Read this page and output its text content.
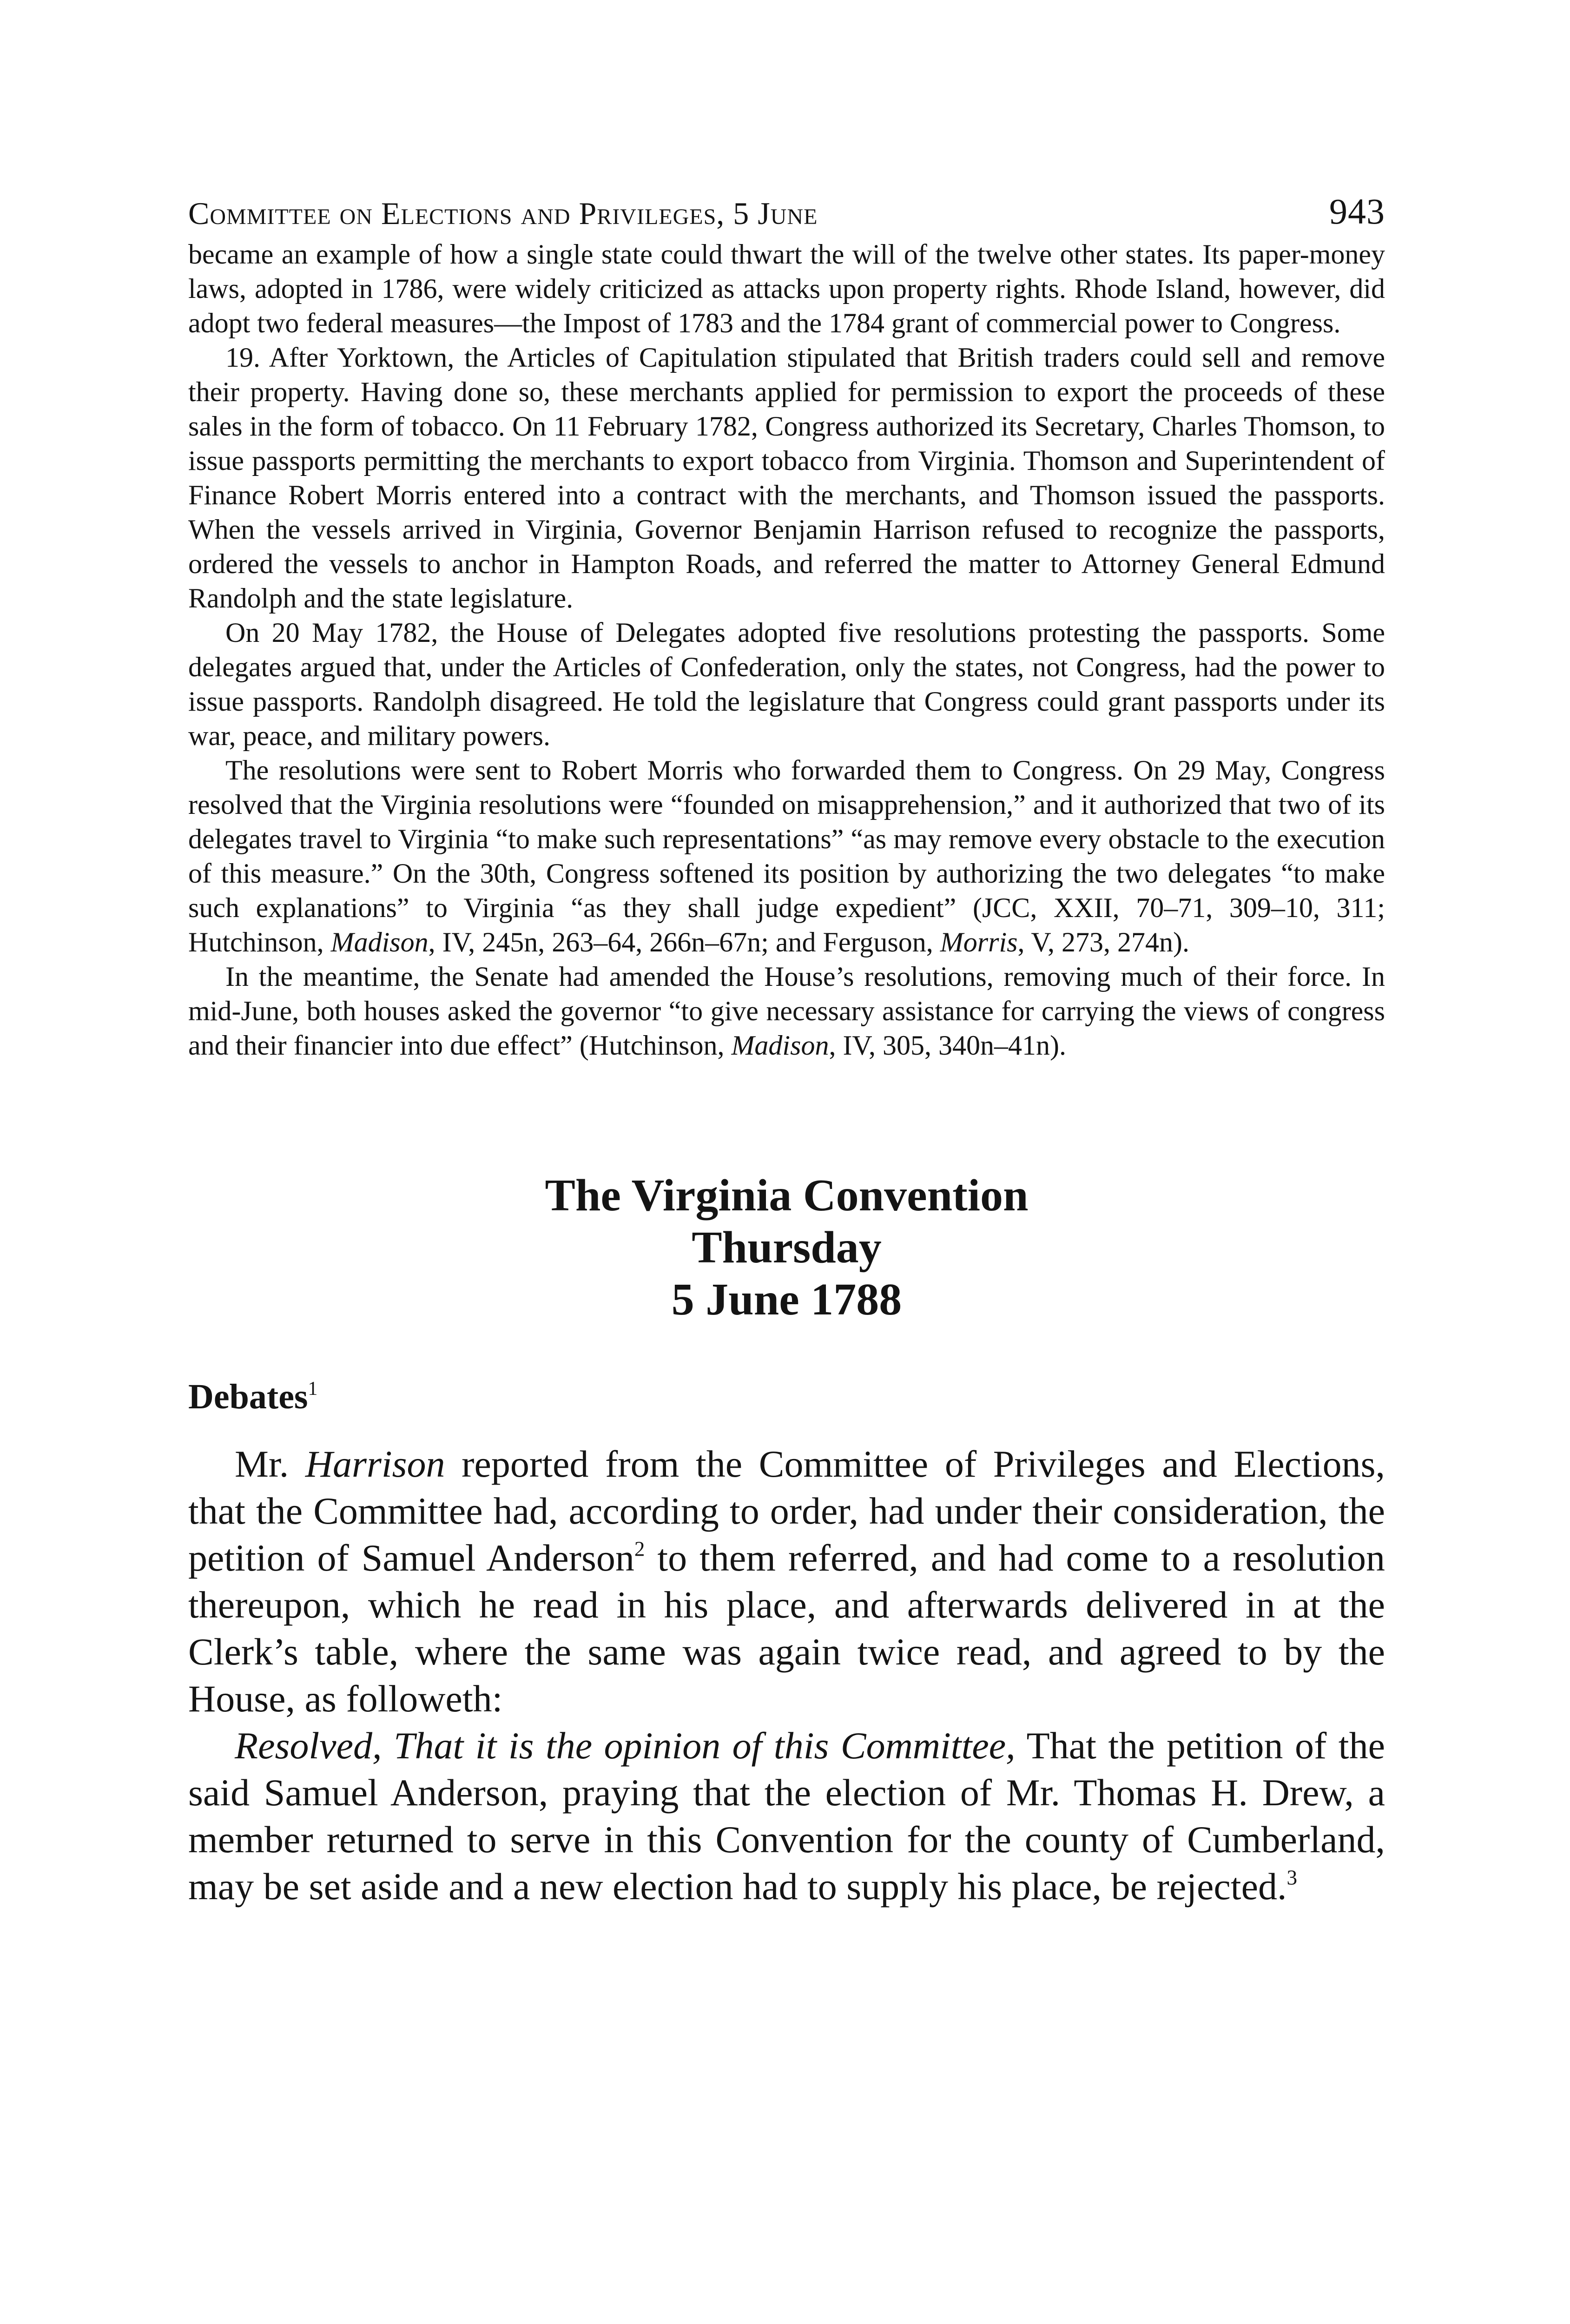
Committee on Elections and Privileges, 5 June	943

became an example of how a single state could thwart the will of the twelve other states. Its paper-money laws, adopted in 1786, were widely criticized as attacks upon property rights. Rhode Island, however, did adopt two federal measures—the Impost of 1783 and the 1784 grant of commercial power to Congress.

19. After Yorktown, the Articles of Capitulation stipulated that British traders could sell and remove their property. Having done so, these merchants applied for permission to export the proceeds of these sales in the form of tobacco. On 11 February 1782, Congress authorized its Secretary, Charles Thomson, to issue passports permitting the merchants to export tobacco from Virginia. Thomson and Superintendent of Finance Robert Morris entered into a contract with the merchants, and Thomson issued the passports. When the vessels arrived in Virginia, Governor Benjamin Harrison refused to recognize the passports, ordered the vessels to anchor in Hampton Roads, and referred the matter to Attorney General Edmund Randolph and the state legislature.

On 20 May 1782, the House of Delegates adopted five resolutions protesting the passports. Some delegates argued that, under the Articles of Confederation, only the states, not Congress, had the power to issue passports. Randolph disagreed. He told the legislature that Congress could grant passports under its war, peace, and military powers.

The resolutions were sent to Robert Morris who forwarded them to Congress. On 29 May, Congress resolved that the Virginia resolutions were “founded on misapprehension,” and it authorized that two of its delegates travel to Virginia “to make such representations” “as may remove every obstacle to the execution of this measure.” On the 30th, Congress softened its position by authorizing the two delegates “to make such explanations” to Virginia “as they shall judge expedient” (JCC, XXII, 70–71, 309–10, 311; Hutchinson, Madison, IV, 245n, 263–64, 266n–67n; and Ferguson, Morris, V, 273, 274n).

In the meantime, the Senate had amended the House’s resolutions, removing much of their force. In mid-June, both houses asked the governor “to give necessary assistance for carrying the views of congress and their financier into due effect” (Hutchinson, Madison, IV, 305, 340n–41n).

The Virginia Convention
Thursday
5 June 1788
Debates$^1$

Mr. Harrison reported from the Committee of Privileges and Elections, that the Committee had, according to order, had under their consideration, the petition of Samuel Anderson$^2$ to them referred, and had come to a resolution thereupon, which he read in his place, and afterwards delivered in at the Clerk’s table, where the same was again twice read, and agreed to by the House, as followeth:

Resolved, That it is the opinion of this Committee, That the petition of the said Samuel Anderson, praying that the election of Mr. Thomas H. Drew, a member returned to serve in this Convention for the county of Cumberland, may be set aside and a new election had to supply his place, be rejected.$^3$
